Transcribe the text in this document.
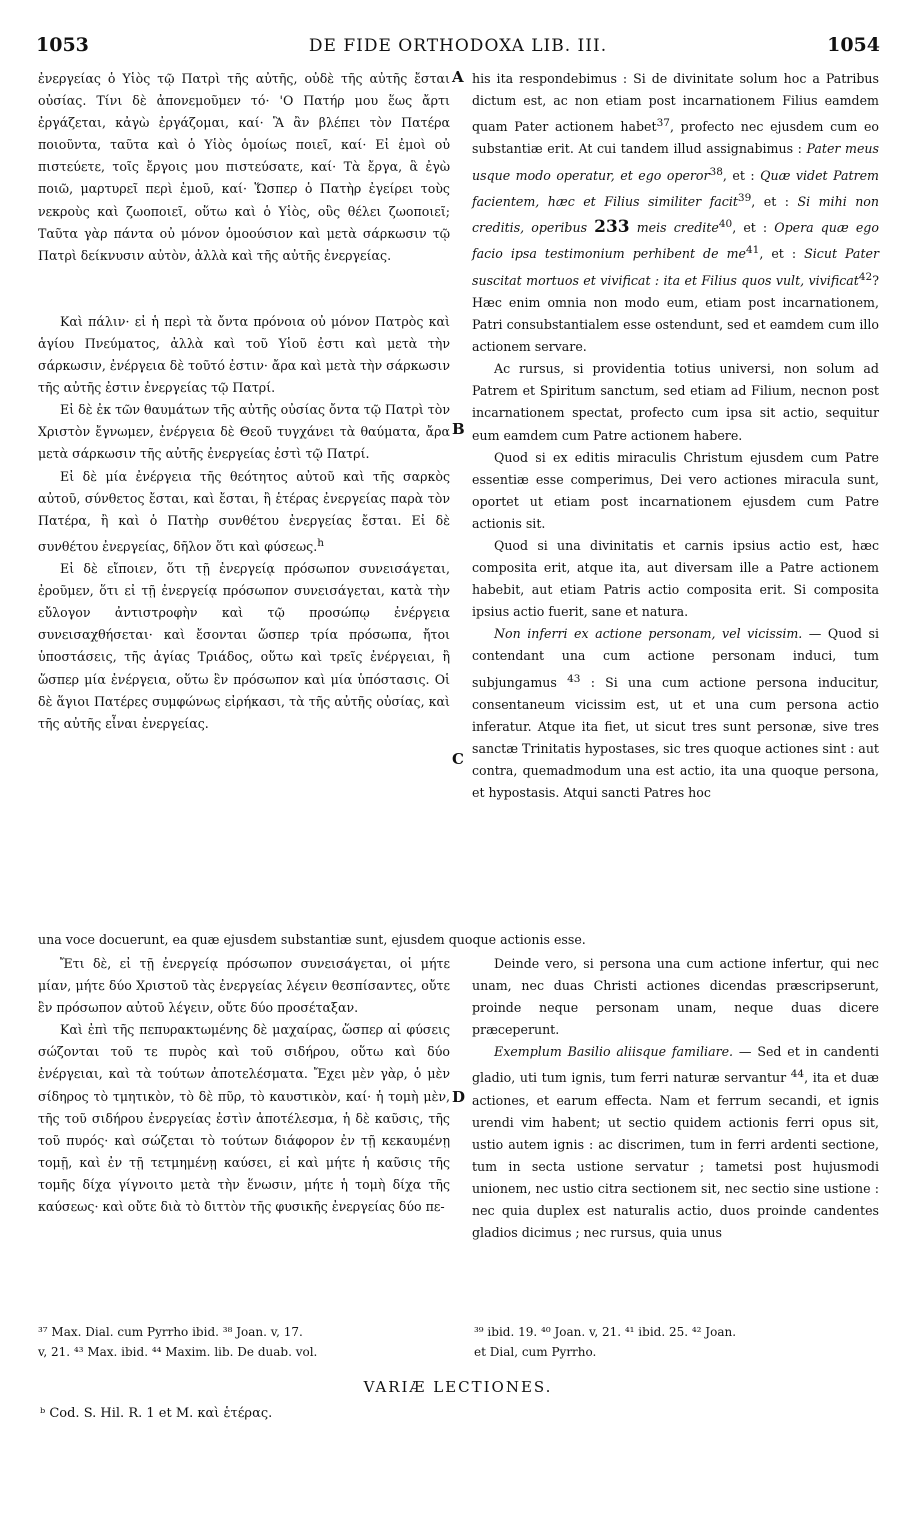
1053	DE FIDE ORTHODOXA LIB. III.	1054

ἐνεργείας ὁ Υἱὸς τῷ Πατρὶ τῆς αὐτῆς, οὐδὲ τῆς αὐτῆς ἔσται οὐσίας. Τίνι δὲ ἀπονεμοῦμεν τό· 'Ο Πατήρ μου ἕως ἄρτι ἐργάζεται, κἀγὼ ἐργάζομαι, καί· Ἃ ἂν βλέπει τὸν Πατέρα ποιοῦντα, ταῦτα καὶ ὁ Υἱὸς ὁμοίως ποιεῖ, καί· Εἰ ἐμοὶ οὐ πιστεύετε, τοῖς ἔργοις μου πιστεύσατε, καί· Τὰ ἔργα, ἃ ἐγὼ ποιῶ, μαρτυρεῖ περὶ ἐμοῦ, καί· Ὥσπερ ὁ Πατὴρ ἐγείρει τοὺς νεκροὺς καὶ ζωοποιεῖ, οὕτω καὶ ὁ Υἱὸς, οὓς θέλει ζωοποιεῖ; Ταῦτα γὰρ πάντα οὐ μόνον ὁμοούσιον καὶ μετὰ σάρκωσιν τῷ Πατρὶ δείκνυσιν αὐτὸν, ἀλλὰ καὶ τῆς αὐτῆς ἐνεργείας.

Καὶ πάλιν· εἰ ἡ περὶ τὰ ὄντα πρόνοια οὐ μόνον Πατρὸς καὶ ἁγίου Πνεύματος, ἀλλὰ καὶ τοῦ Υἱοῦ ἐστι καὶ μετὰ τὴν σάρκωσιν, ἐνέργεια δὲ τοῦτό ἐστιν· ἄρα καὶ μετὰ τὴν σάρκωσιν τῆς αὐτῆς ἐστιν ἐνεργείας τῷ Πατρί.

Εἰ δὲ ἐκ τῶν θαυμάτων τῆς αὐτῆς οὐσίας ὄντα τῷ Πατρὶ τὸν Χριστὸν ἔγνωμεν, ἐνέργεια δὲ Θεοῦ τυγχάνει τὰ θαύματα, ἄρα μετὰ σάρκωσιν τῆς αὐτῆς ἐνεργείας ἐστὶ τῷ Πατρί.

Εἰ δὲ μία ἐνέργεια τῆς θεότητος αὐτοῦ καὶ τῆς σαρκὸς αὐτοῦ, σύνθετος ἔσται, καὶ ἔσται, ἢ ἑτέρας ἐνεργείας παρὰ τὸν Πατέρα, ἢ καὶ ὁ Πατὴρ συνθέτου ἐνεργείας ἔσται. Εἰ δὲ συνθέτου ἐνεργείας, δῆλον ὅτι καὶ φύσεως.$^h$

Εἰ δὲ εἴποιεν, ὅτι τῇ ἐνεργείᾳ πρόσωπον συνεισάγεται, ἐροῦμεν, ὅτι εἰ τῇ ἐνεργείᾳ πρόσωπον συνεισάγεται, κατὰ τὴν εὔλογον ἀντιστροφὴν καὶ τῷ προσώπῳ ἐνέργεια συνεισαχθήσεται· καὶ ἔσονται ὥσπερ τρία πρόσωπα, ἤτοι ὑποστάσεις, τῆς ἁγίας Τριάδος, οὕτω καὶ τρεῖς ἐνέργειαι, ἢ ὥσπερ μία ἐνέργεια, οὕτω ἓν πρόσωπον καὶ μία ὑπόστασις. Οἱ δὲ ἅγιοι Πατέρες συμφώνως εἰρήκασι, τὰ τῆς αὐτῆς οὐσίας, καὶ τῆς αὐτῆς εἶναι ἐνεργείας.

his ita respondebimus : Si de divinitate solum hoc a Patribus dictum est, ac non etiam post incarnationem Filius eamdem quam Pater actionem habet$^{37}$, profecto nec ejusdem cum eo substantiæ erit. At cui tandem illud assignabimus : Pater meus usque modo operatur, et ego operor$^{38}$, et : Quæ videt Patrem facientem, hæc et Filius similiter facit$^{39}$, et : Si mihi non creditis, operibus 233 meis credite$^{40}$, et : Opera quæ ego facio ipsa testimonium perhibent de $me^{41}$, et : Sicut Pater suscitat mortuos et vivificat : ita et Filius quos vult, vivificat$^{42}$? Hæc enim omnia non modo eum, etiam post incarnationem, Patri consubstantialem esse ostendunt, sed et eamdem cum illo actionem servare.

Ac rursus, si providentia totius universi, non solum ad Patrem et Spiritum sanctum, sed etiam ad Filium, necnon post incarnationem spectat, profecto cum ipsa sit actio, sequitur eum eamdem cum Patre actionem habere.

Quod si ex editis miraculis Christum ejusdem cum Patre essentiæ esse comperimus, Dei vero actiones miracula sunt, oportet ut etiam post incarnationem ejusdem cum Patre actionis sit.

Quod si una divinitatis et carnis ipsius actio est, hæc composita erit, atque ita, aut diversam ille a Patre actionem habebit, aut etiam Patris actio composita erit. Si composita ipsius actio fuerit, sane et natura.

Non inferri ex actione personam, vel vicissim. — Quod si contendant una cum actione personam induci, tum subjungamus $^{43}$ : Si una cum actione persona inducitur, consentaneum vicissim est, ut et una cum persona actio inferatur. Atque ita fiet, ut sicut tres sunt personæ, sive tres sanctæ Trinitatis hypostases, sic tres quoque actiones sint : aut contra, quemadmodum una est actio, ita una quoque persona, et hypostasis. Atqui sancti Patres hoc

una voce docuerunt, ea quæ ejusdem substantiæ sunt, ejusdem quoque actionis esse.

Ἔτι δὲ, εἰ τῇ ἐνεργείᾳ πρόσωπον συνεισάγεται, οἱ μήτε μίαν, μήτε δύο Χριστοῦ τὰς ἐνεργείας λέγειν θεσπίσαντες, οὔτε ἓν πρόσωπον αὐτοῦ λέγειν, οὔτε δύο προσέταξαν.

Καὶ ἐπὶ τῆς πεπυρακτωμένης δὲ μαχαίρας, ὥσπερ αἱ φύσεις σώζονται τοῦ τε πυρὸς καὶ τοῦ σιδήρου, οὕτω καὶ δύο ἐνέργειαι, καὶ τὰ τούτων ἀποτελέσματα. Ἔχει μὲν γὰρ, ὁ μὲν σίδηρος τὸ τμητικὸν, τὸ δὲ πῦρ, τὸ καυστικὸν, καί· ἡ τομὴ μὲν, τῆς τοῦ σιδήρου ἐνεργείας ἐστὶν ἀποτέλεσμα, ἡ δὲ καῦσις, τῆς τοῦ πυρός· καὶ σώζεται τὸ τούτων διάφορον ἐν τῇ κεκαυμένῃ τομῇ, καὶ ἐν τῇ τετμημένῃ καύσει, εἰ καὶ μήτε ἡ καῦσις τῆς τομῆς δίχα γίγνοιτο μετὰ τὴν ἕνωσιν, μήτε ἡ τομὴ δίχα τῆς καύσεως· καὶ οὔτε διὰ τὸ διττὸν τῆς φυσικῆς ἐνεργείας δύο πε-

Deinde vero, si persona una cum actione infertur, qui nec unam, nec duas Christi actiones dicendas præscripserunt, proinde neque personam unam, neque duas dicere præceperunt.

Exemplum Basilio aliisque familiare. — Sed et in candenti gladio, uti tum ignis, tum ferri naturæ servantur $^{44}$, ita et duæ actiones, et earum effecta. Nam et ferrum secandi, et ignis urendi vim habent; ut sectio quidem actionis ferri opus sit, ustio autem ignis : ac discrimen, tum in ferri ardenti sectione, tum in secta ustione servatur ; tametsi post hujusmodi unionem, nec ustio citra sectionem sit, nec sectio sine ustione : nec quia duplex est naturalis actio, duos proinde candentes gladios dicimus ; nec rursus, quia unus

A
B
C
D
³⁷ Max. Dial. cum Pyrrho ibid. ³⁸ Joan. v, 17.
v, 21. ⁴³ Max. ibid. ⁴⁴ Maxim. lib. De duab. vol.
³⁹ ibid. 19. ⁴⁰ Joan. v, 21. ⁴¹ ibid. 25. ⁴² Joan.
et Dial, cum Pyrrho.
VARIÆ LECTIONES.
ᵇ Cod. S. Hil. R. 1 et M. καὶ ἑτέρας.
